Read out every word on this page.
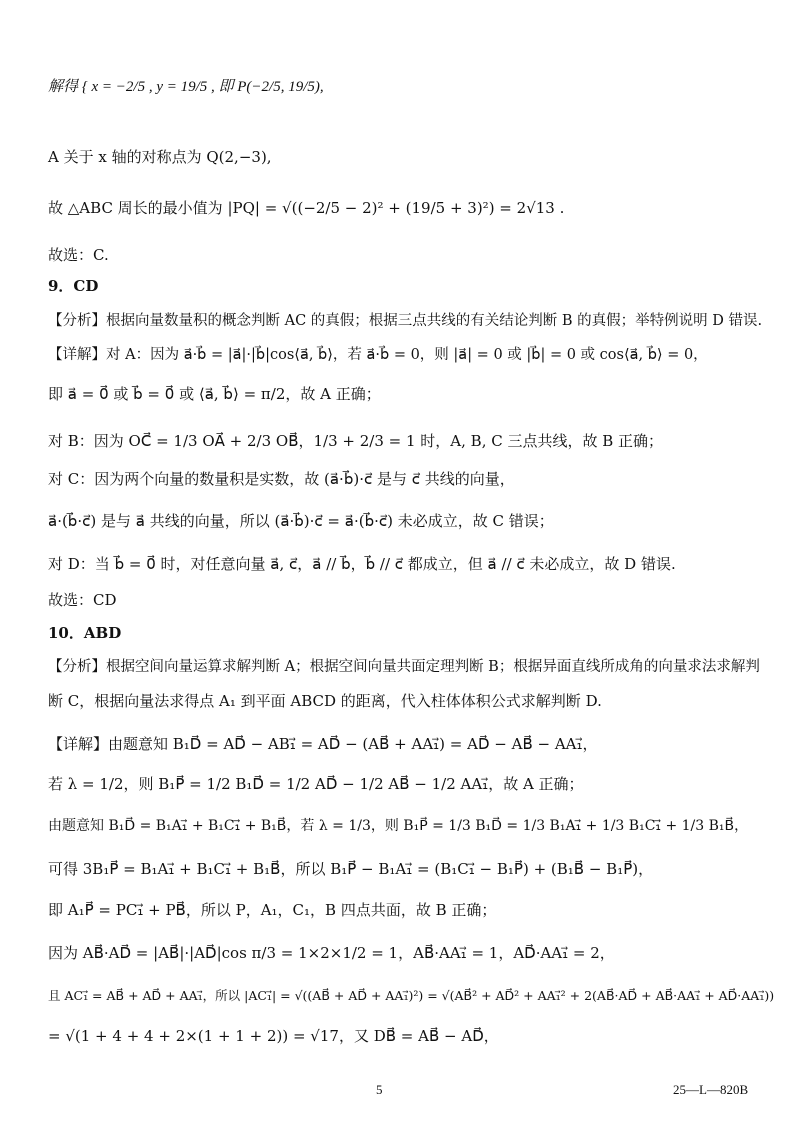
解得 { x = −2/5 , y = 19/5 , 即 P(−2/5, 19/5),
A 关于 x 轴的对称点为 Q(2,−3),
故 △ABC 周长的最小值为 |PQ| = √((−2/5 − 2)² + (19/5 + 3)²) = 2√13 .
故选：C.
9．CD
【分析】根据向量数量积的概念判断 AC 的真假；根据三点共线的有关结论判断 B 的真假；举特例说明 D 错误.
【详解】对 A：因为 a⃗·b⃗ = |a⃗|·|b⃗|cos⟨a⃗, b⃗⟩，若 a⃗·b⃗ = 0，则 |a⃗| = 0 或 |b⃗| = 0 或 cos⟨a⃗, b⃗⟩ = 0，
即 a⃗ = 0⃗ 或 b⃗ = 0⃗ 或 ⟨a⃗, b⃗⟩ = π/2，故 A 正确；
对 B：因为 OC⃗ = 1/3 OA⃗ + 2/3 OB⃗，1/3 + 2/3 = 1 时，A, B, C 三点共线，故 B 正确；
对 C：因为两个向量的数量积是实数，故 (a⃗·b⃗)·c⃗ 是与 c⃗ 共线的向量，
a⃗·(b⃗·c⃗) 是与 a⃗ 共线的向量，所以 (a⃗·b⃗)·c⃗ = a⃗·(b⃗·c⃗) 未必成立，故 C 错误；
对 D：当 b⃗ = 0⃗ 时，对任意向量 a⃗, c⃗，a⃗ // b⃗，b⃗ // c⃗ 都成立，但 a⃗ // c⃗ 未必成立，故 D 错误.
故选：CD
10．ABD
【分析】根据空间向量运算求解判断 A；根据空间向量共面定理判断 B；根据异面直线所成角的向量求法求解判
断 C，根据向量法求得点 A₁ 到平面 ABCD 的距离，代入柱体体积公式求解判断 D.
【详解】由题意知 B₁D⃗ = AD⃗ − AB₁⃗ = AD⃗ − (AB⃗ + AA₁⃗) = AD⃗ − AB⃗ − AA₁⃗，
若 λ = 1/2，则 B₁P⃗ = 1/2 B₁D⃗ = 1/2 AD⃗ − 1/2 AB⃗ − 1/2 AA₁⃗，故 A 正确；
由题意知 B₁D⃗ = B₁A₁⃗ + B₁C₁⃗ + B₁B⃗，若 λ = 1/3，则 B₁P⃗ = 1/3 B₁D⃗ = 1/3 B₁A₁⃗ + 1/3 B₁C₁⃗ + 1/3 B₁B⃗，
可得 3B₁P⃗ = B₁A₁⃗ + B₁C₁⃗ + B₁B⃗，所以 B₁P⃗ − B₁A₁⃗ = (B₁C₁⃗ − B₁P⃗) + (B₁B⃗ − B₁P⃗)，
即 A₁P⃗ = PC₁⃗ + PB⃗，所以 P，A₁，C₁，B 四点共面，故 B 正确；
因为 AB⃗·AD⃗ = |AB⃗|·|AD⃗|cos π/3 = 1×2×1/2 = 1，AB⃗·AA₁⃗ = 1，AD⃗·AA₁⃗ = 2，
且 AC₁⃗ = AB⃗ + AD⃗ + AA₁⃗，所以 |AC₁⃗| = √((AB⃗ + AD⃗ + AA₁⃗)²) = √(AB⃗² + AD⃗² + AA₁⃗² + 2(AB⃗·AD⃗ + AB⃗·AA₁⃗ + AD⃗·AA₁⃗))
= √(1 + 4 + 4 + 2×(1 + 1 + 2)) = √17，又 DB⃗ = AB⃗ − AD⃗，
5	25—L—820B
